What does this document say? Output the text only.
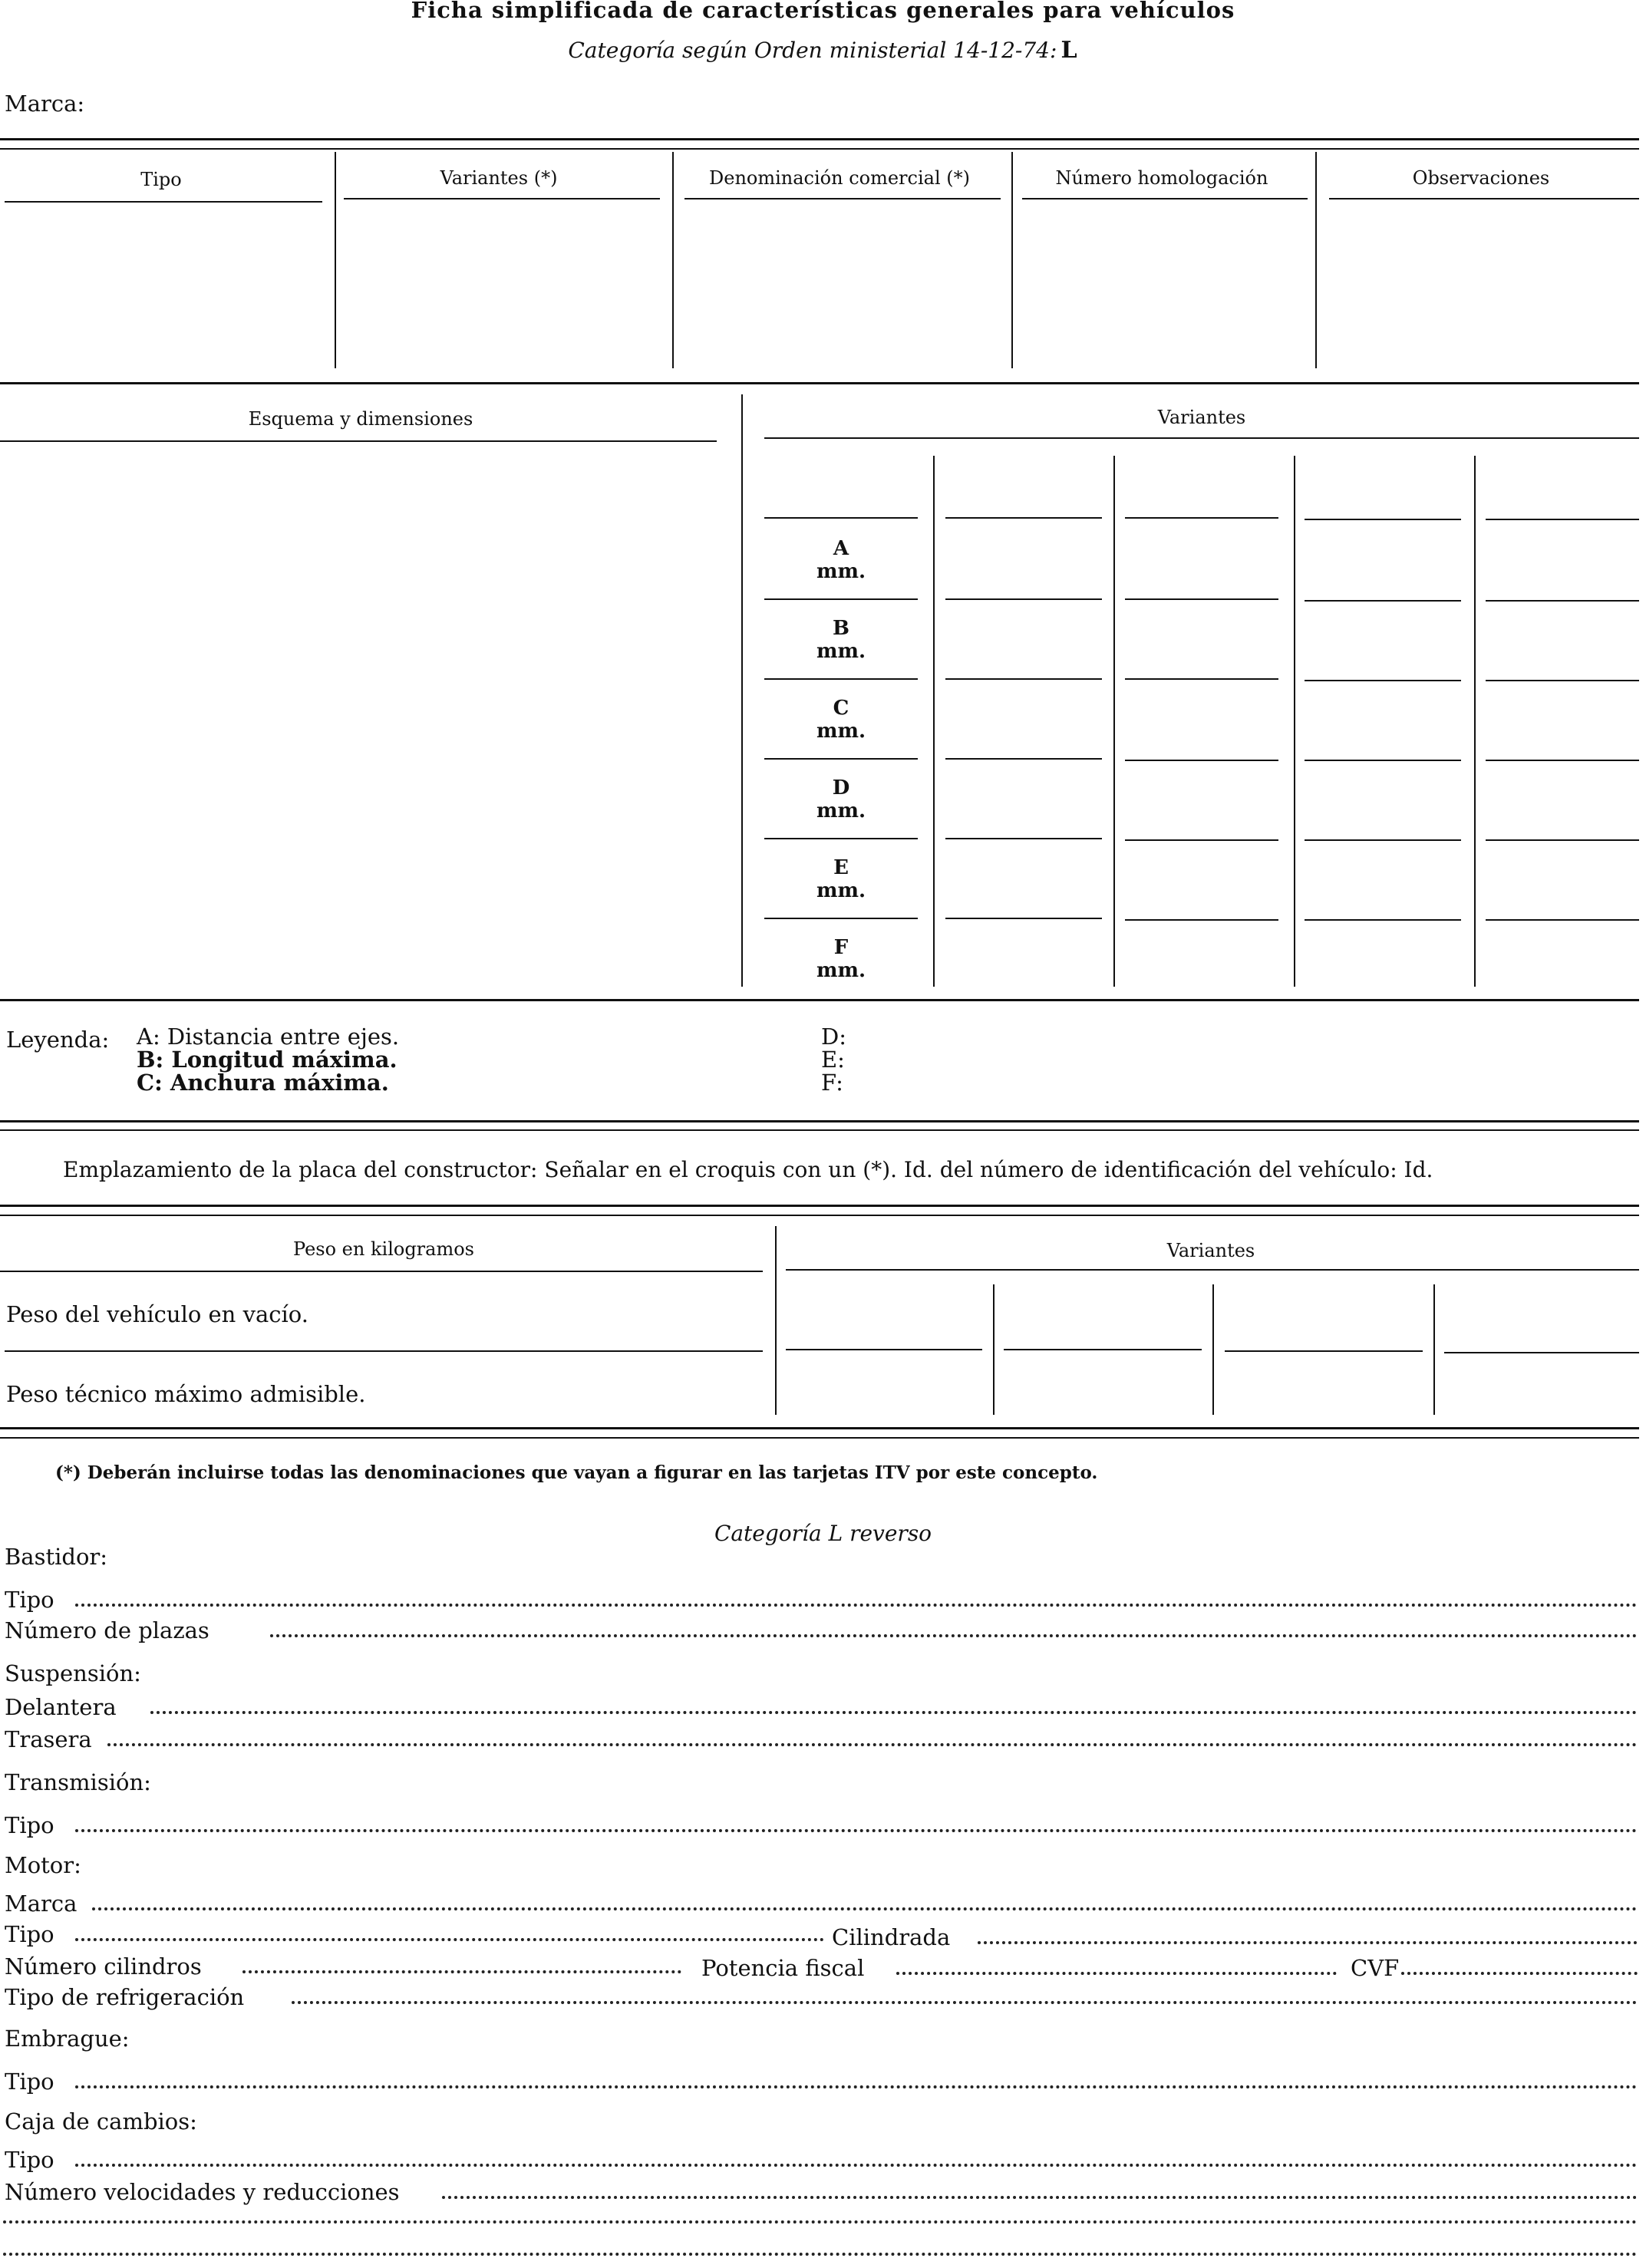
Ficha simplificada de características generales para vehículos
Categoría según Orden ministerial 14-12-74: L
Marca:
Tipo	Variantes (*)	Denominación comercial (*)	Número homologación	Observaciones
Esquema y dimensiones	Variantes
A
mm.
B
mm.
C
mm.
D
mm.
E
mm.
F
mm.
Leyenda: A: Distancia entre ejes.
B: Longitud máxima.
C: Anchura máxima.
D:
E:
F:
Emplazamiento de la placa del constructor: Señalar en el croquis con un (*). Id. del número de identificación del vehículo: Id.
Peso en kilogramos	Variantes
Peso del vehículo en vacío.
Peso técnico máximo admisible.
(*) Deberán incluirse todas las denominaciones que vayan a figurar en las tarjetas ITV por este concepto.
Categoría L reverso
Bastidor:
Tipo
Número de plazas
Suspensión:
Delantera
Trasera
Transmisión:
Tipo
Motor:
Marca
Tipo	Cilindrada
Número cilindros	Potencia fiscal	CVF
Tipo de refrigeración
Embrague:
Tipo
Caja de cambios:
Tipo
Número velocidades y reducciones
